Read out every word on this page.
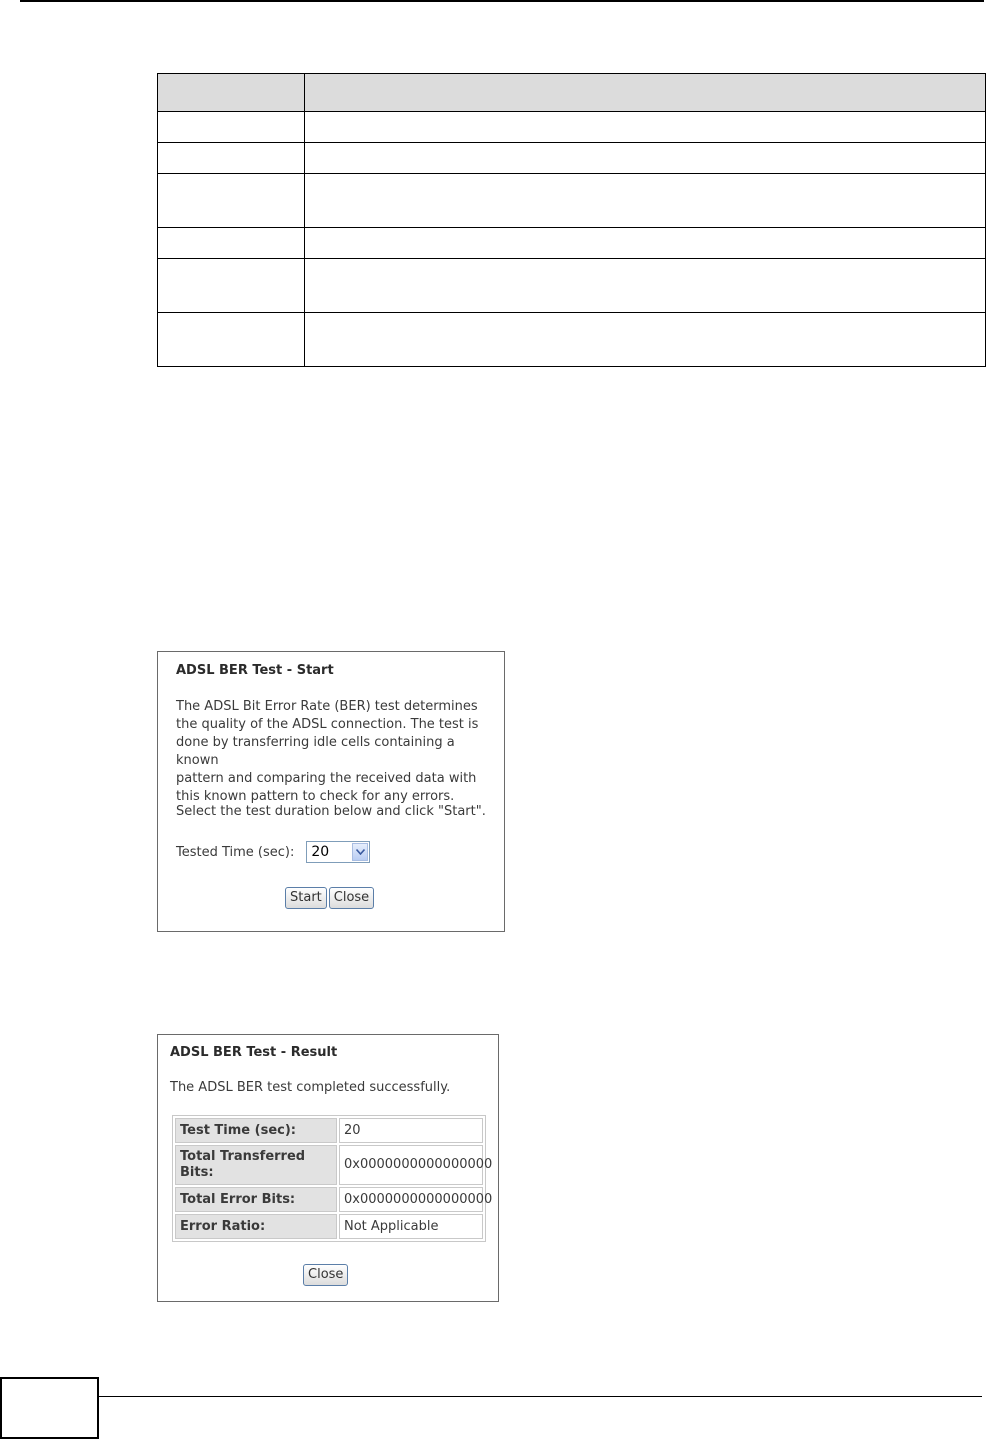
ADSL BER Test - Start
The ADSL Bit Error Rate (BER) test determines
the quality of the ADSL connection. The test is
done by transferring idle cells containing a known
pattern and comparing the received data with
this known pattern to check for any errors.
Select the test duration below and click "Start".
Tested Time (sec): 20
Start Close
ADSL BER Test - Result
The ADSL BER test completed successfully.
Test Time (sec):	20
Total Transferred Bits:	0x0000000000000000
Total Error Bits:	0x0000000000000000
Error Ratio:	Not Applicable
Close
